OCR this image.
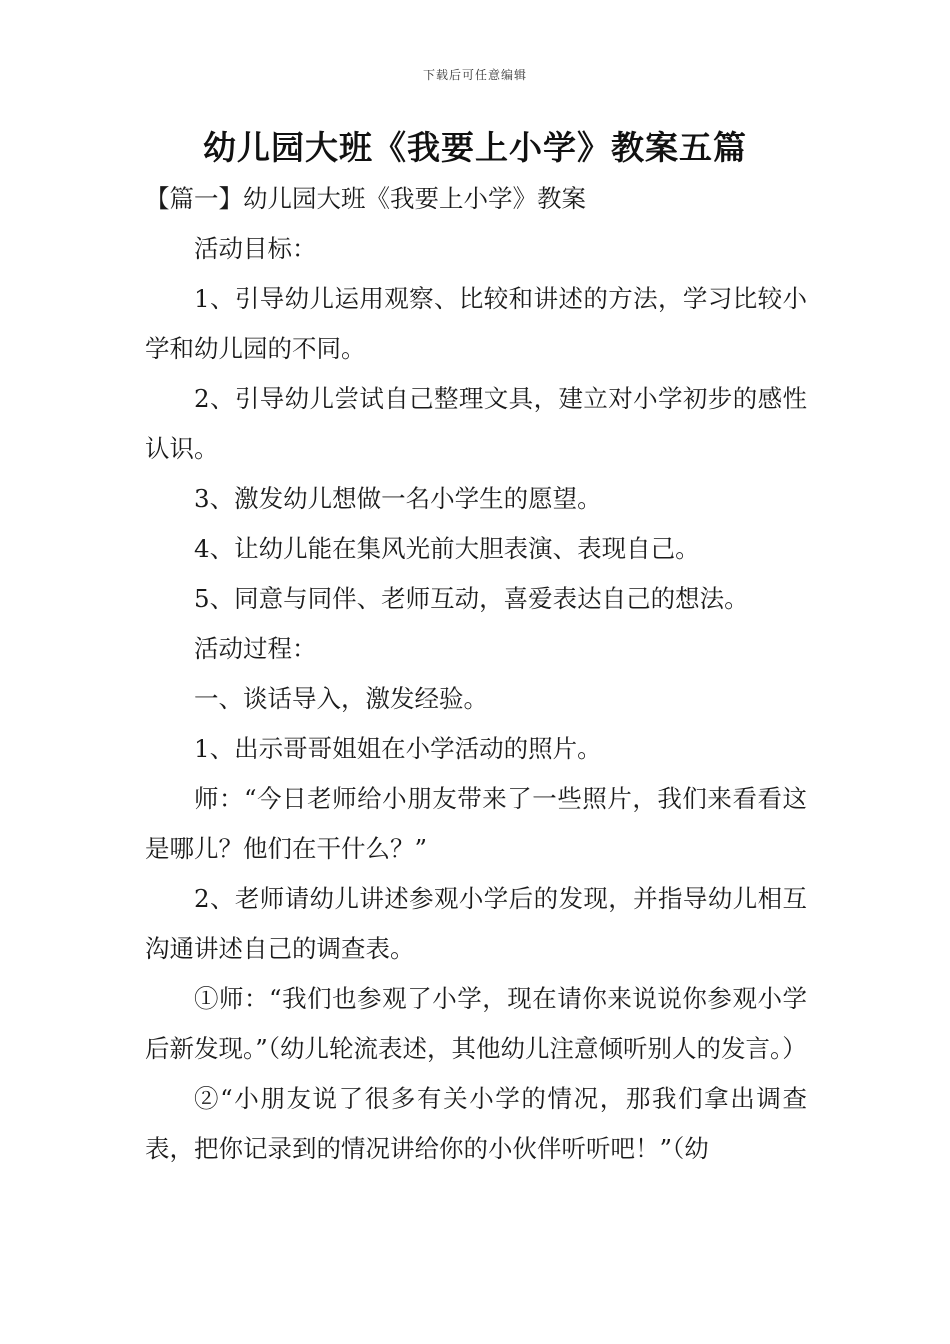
下载后可任意编辑
幼儿园大班《我要上小学》教案五篇

【篇一】幼儿园大班《我要上小学》教案

活动目标：

1、引导幼儿运用观察、比较和讲述的方法，学习比较小学和幼儿园的不同。

2、引导幼儿尝试自己整理文具，建立对小学初步的感性认识。

3、激发幼儿想做一名小学生的愿望。

4、让幼儿能在集风光前大胆表演、表现自己。

5、同意与同伴、老师互动，喜爱表达自己的想法。

活动过程：

一、谈话导入，激发经验。

1、出示哥哥姐姐在小学活动的照片。

师：“今日老师给小朋友带来了一些照片，我们来看看这是哪儿？他们在干什么？”

2、老师请幼儿讲述参观小学后的发现，并指导幼儿相互沟通讲述自己的调查表。

①师：“我们也参观了小学，现在请你来说说你参观小学后新发现。”（幼儿轮流表述，其他幼儿注意倾听别人的发言。）

②“小朋友说了很多有关小学的情况，那我们拿出调查表，把你记录到的情况讲给你的小伙伴听听吧！”（幼
